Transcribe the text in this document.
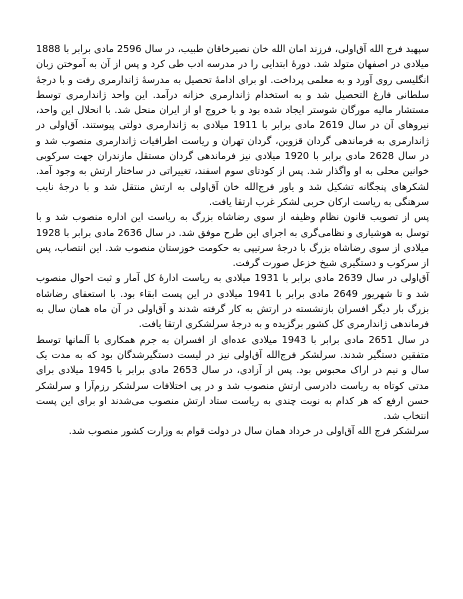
سپهبد فرج الله آق‌اولی، فرزند امان الله خان نصیرخاقان طبیب، در سال 2596 مادی برابر با 1888 میلادی در اصفهان متولد شد. دورهٔ ابتدایی را در مدرسه ادب طی کرد و پس از آن به آموختن زبان انگلیسی روی آورد و به معلمی پرداخت. او برای ادامهٔ تحصیل به مدرسهٔ ژاندارمری رفت و با درجهٔ سلطانی فارغ التحصیل شد و به استخدام ژاندارمری خزانه درآمد. این واحد ژاندارمری توسط مستشار مالیه مورگان شوستر ایجاد شده بود و با خروج او از ایران منحل شد. با انحلال این واحد، نیروهای آن در سال 2619 مادی برابر با 1911 میلادی به ژاندارمری دولتی پیوستند. آق‌اولی در ژاندارمری به فرماندهی گردان قزوین، گردان تهران و ریاست اطرافیات ژاندارمری منصوب شد و در سال 2628 مادی برابر با 1920 میلادی نیز فرماندهی گردان مستقل مازندران جهت سرکوبی خوانین محلی به او واگذار شد. پس از کودتای سوم اسفند، تغییراتی در ساختار ارتش به وجود آمد. لشکرهای پنجگانه تشکیل شد و یاور فرج‌الله خان آق‌اولی به ارتش منتقل شد و با درجهٔ نایب سرهنگی به ریاست ارکان حربی لشکر غرب ارتقا یافت.

پس از تصویب قانون نظام وظیفه از سوی رضاشاه بزرگ به ریاست این اداره منصوب شد و با توسل به هوشیاری و نظامی‌گری به اجرای این طرح موفق شد. در سال 2636 مادی برابر با 1928 میلادی از سوی رضاشاه بزرگ با درجهٔ سرتیپی به حکومت خوزستان منصوب شد. این انتصاب، پس از سرکوب و دستگیری شیخ خزعل صورت گرفت.

آق‌اولی در سال 2639 مادی برابر با 1931 میلادی به ریاست ادارهٔ کل آمار و ثبت احوال منصوب شد و تا شهریور 2649 مادی برابر با 1941 میلادی در این پست ابقاء بود. با استعفای رضاشاه بزرگ بار دیگر افسران بازنشسته در ارتش به کار گرفته شدند و آق‌اولی در آن ماه همان سال به فرماندهی ژاندارمری کل کشور برگزیده و به درجهٔ سرلشکری ارتقا یافت.

در سال 2651 مادی برابر با 1943 میلادی عده‌ای از افسران به جرم همکاری با آلمانها توسط متفقین دستگیر شدند. سرلشکر فرج‌الله آق‌اولی نیز در لیست دستگیرشدگان بود که به مدت یک سال و نیم در اراک محبوس بود. پس از آزادی، در سال 2653 مادی برابر با 1945 میلادی برای مدتی کوتاه به ریاست دادرسی ارتش منصوب شد و در پی اختلافات سرلشکر رزم‌آرا و سرلشکر حسن ارفع که هر کدام به نوبت چندی به ریاست ستاد ارتش منصوب می‌شدند او برای این پست انتخاب شد.

سرلشکر فرج الله آق‌اولی در خرداد همان سال در دولت قوام به وزارت کشور منصوب شد.
